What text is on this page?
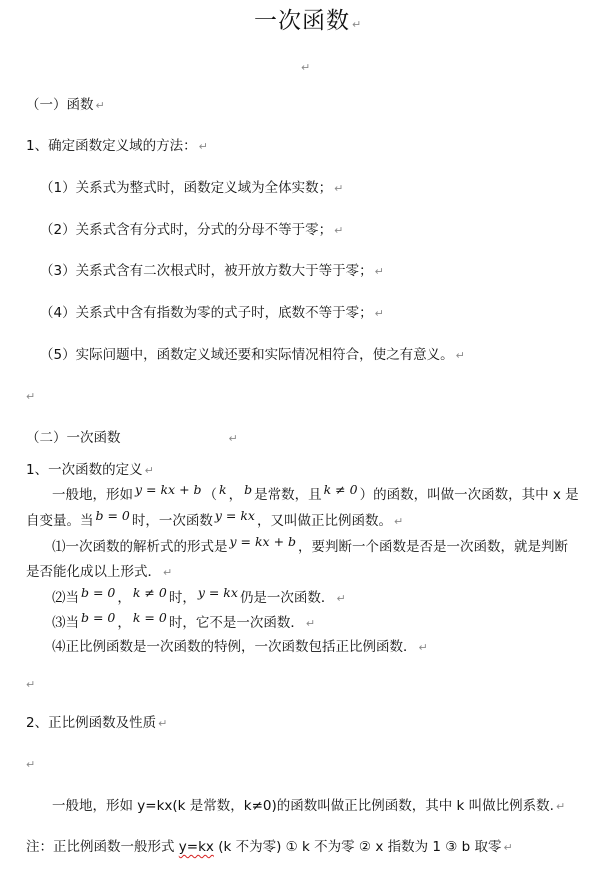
一次函数 ↵
↵
（一）函数 ↵
1、确定函数定义域的方法： ↵
（1）关系式为整式时，函数定义域为全体实数； ↵
（2）关系式含有分式时，分式的分母不等于零； ↵
（3）关系式含有二次根式时，被开放方数大于等于零； ↵
（4）关系式中含有指数为零的式子时，底数不等于零； ↵
（5）实际问题中，函数定义域还要和实际情况相符合，使之有意义。 ↵
↵
（二）一次函数	↵
1、一次函数的定义 ↵
一般地，形如 y = kx + b （ k ， b 是常数，且 k ≠ 0 ）的函数，叫做一次函数，其中 x 是
自变量。当 b = 0 时，一次函数 y = kx ，又叫做正比例函数。 ↵
⑴一次函数的解析式的形式是 y = kx + b ，要判断一个函数是否是一次函数，就是判断
是否能化成以上形式． ↵
⑵当 b = 0 ， k ≠ 0 时， y = kx 仍是一次函数． ↵
⑶当 b = 0 ， k = 0 时，它不是一次函数． ↵
⑷正比例函数是一次函数的特例，一次函数包括正比例函数． ↵
↵
2、正比例函数及性质 ↵
↵
一般地，形如 y=kx(k 是常数，k≠0)的函数叫做正比例函数，其中 k 叫做比例系数. ↵
注：正比例函数一般形式 y=kx (k 不为零) ① k 不为零 ② x 指数为 1 ③ b 取零 ↵
